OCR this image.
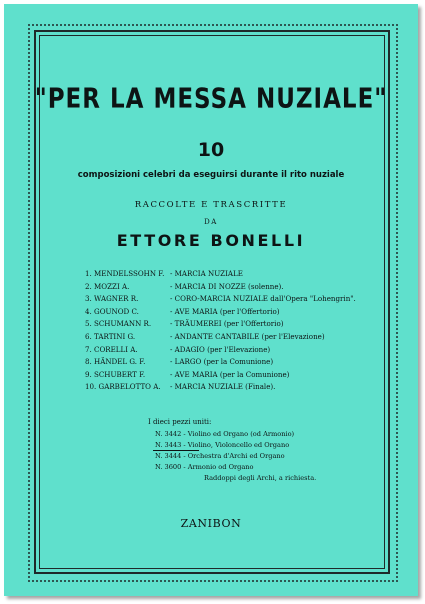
"PER LA MESSA NUZIALE"
10
composizioni celebri da eseguirsi durante il rito nuziale
RACCOLTE E TRASCRITTE
DA
ETTORE BONELLI
1. MENDELSSOHN F. - MARCIA NUZIALE
2. MOZZI A.	- MARCIA DI NOZZE (solenne).
3. WAGNER R.	- CORO-MARCIA NUZIALE dall'Opera "Lohengrin".
4. GOUNOD C.	- AVE MARIA (per l'Offertorio)
5. SCHUMANN R.	- TRÄUMEREI (per l'Offertorio)
6. TARTINI G.	- ANDANTE CANTABILE (per l'Elevazione)
7. CORELLI A.	- ADAGIO (per l'Elevazione)
8. HÄNDEL G. F.	- LARGO (per la Comunione)
9. SCHUBERT F.	- AVE MARIA (per la Comunione)
10. GARBELOTTO A. - MARCIA NUZIALE (Finale).
I dieci pezzi uniti:
N. 3442 - Violino ed Organo (od Armonio)
N. 3443 - Violino, Violoncello ed Organo
N. 3444 - Orchestra d'Archi ed Organo
N. 3600 - Armonio od Organo
Raddoppi degli Archi, a richiesta.
ZANIBON
